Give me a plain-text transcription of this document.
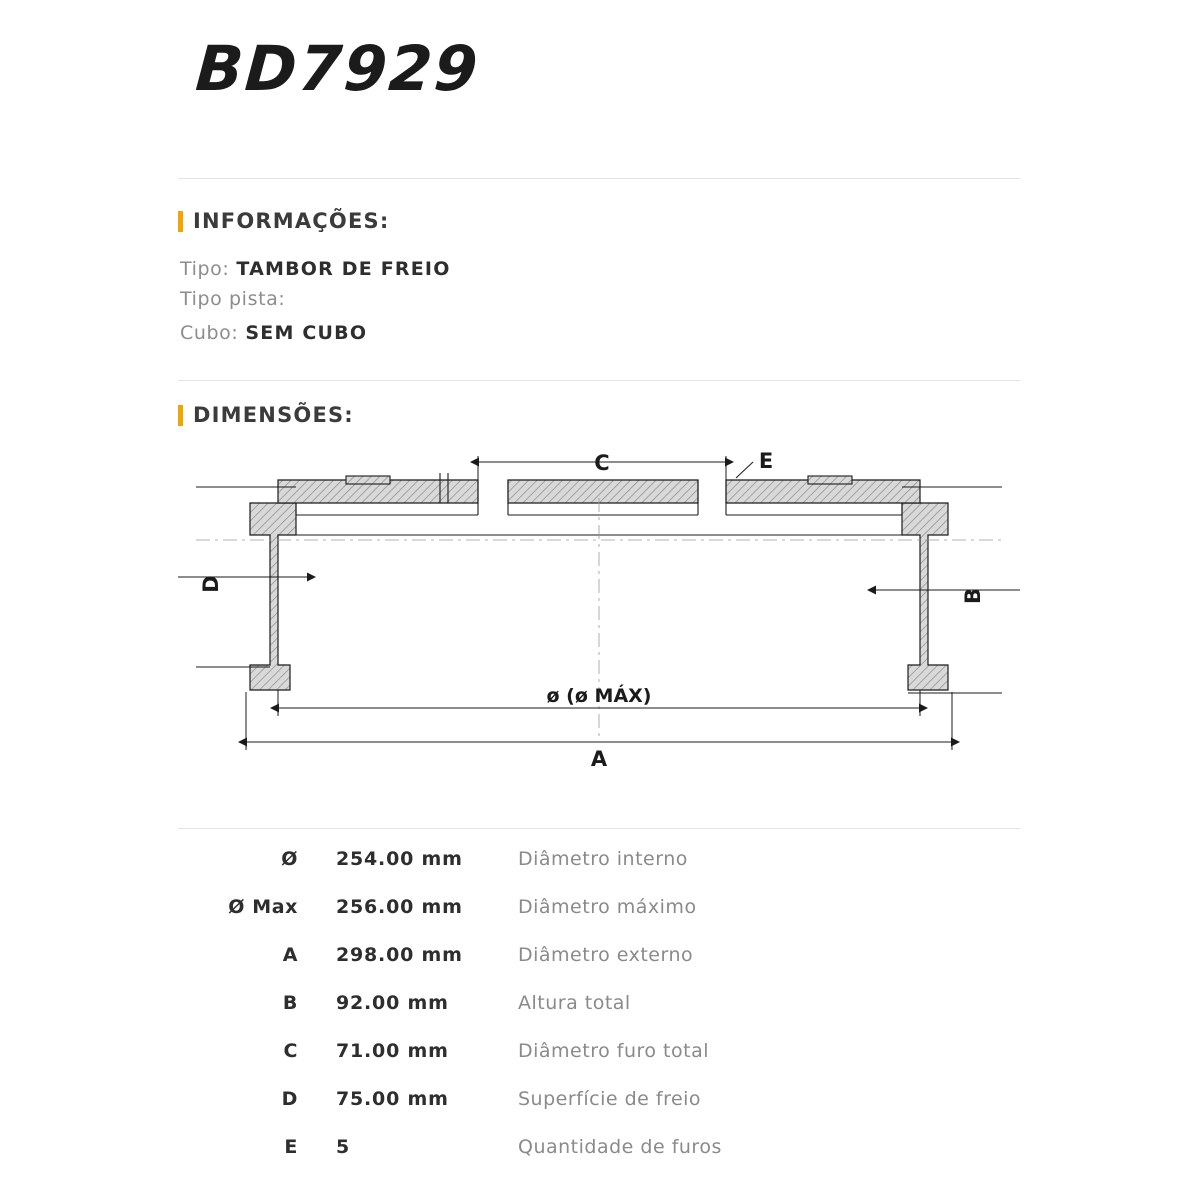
BD7929
INFORMAÇÕES:
Tipo: TAMBOR DE FREIO
Tipo pista:
Cubo: SEM CUBO
DIMENSÕES:
C	E
D
B
ø (ø MÁX)
A
Ø	254.00 mm	Diâmetro interno
Ø Max	256.00 mm	Diâmetro máximo
A	298.00 mm	Diâmetro externo
B	92.00 mm	Altura total
C	71.00 mm	Diâmetro furo total
D	75.00 mm	Superfície de freio
E	5	Quantidade de furos
